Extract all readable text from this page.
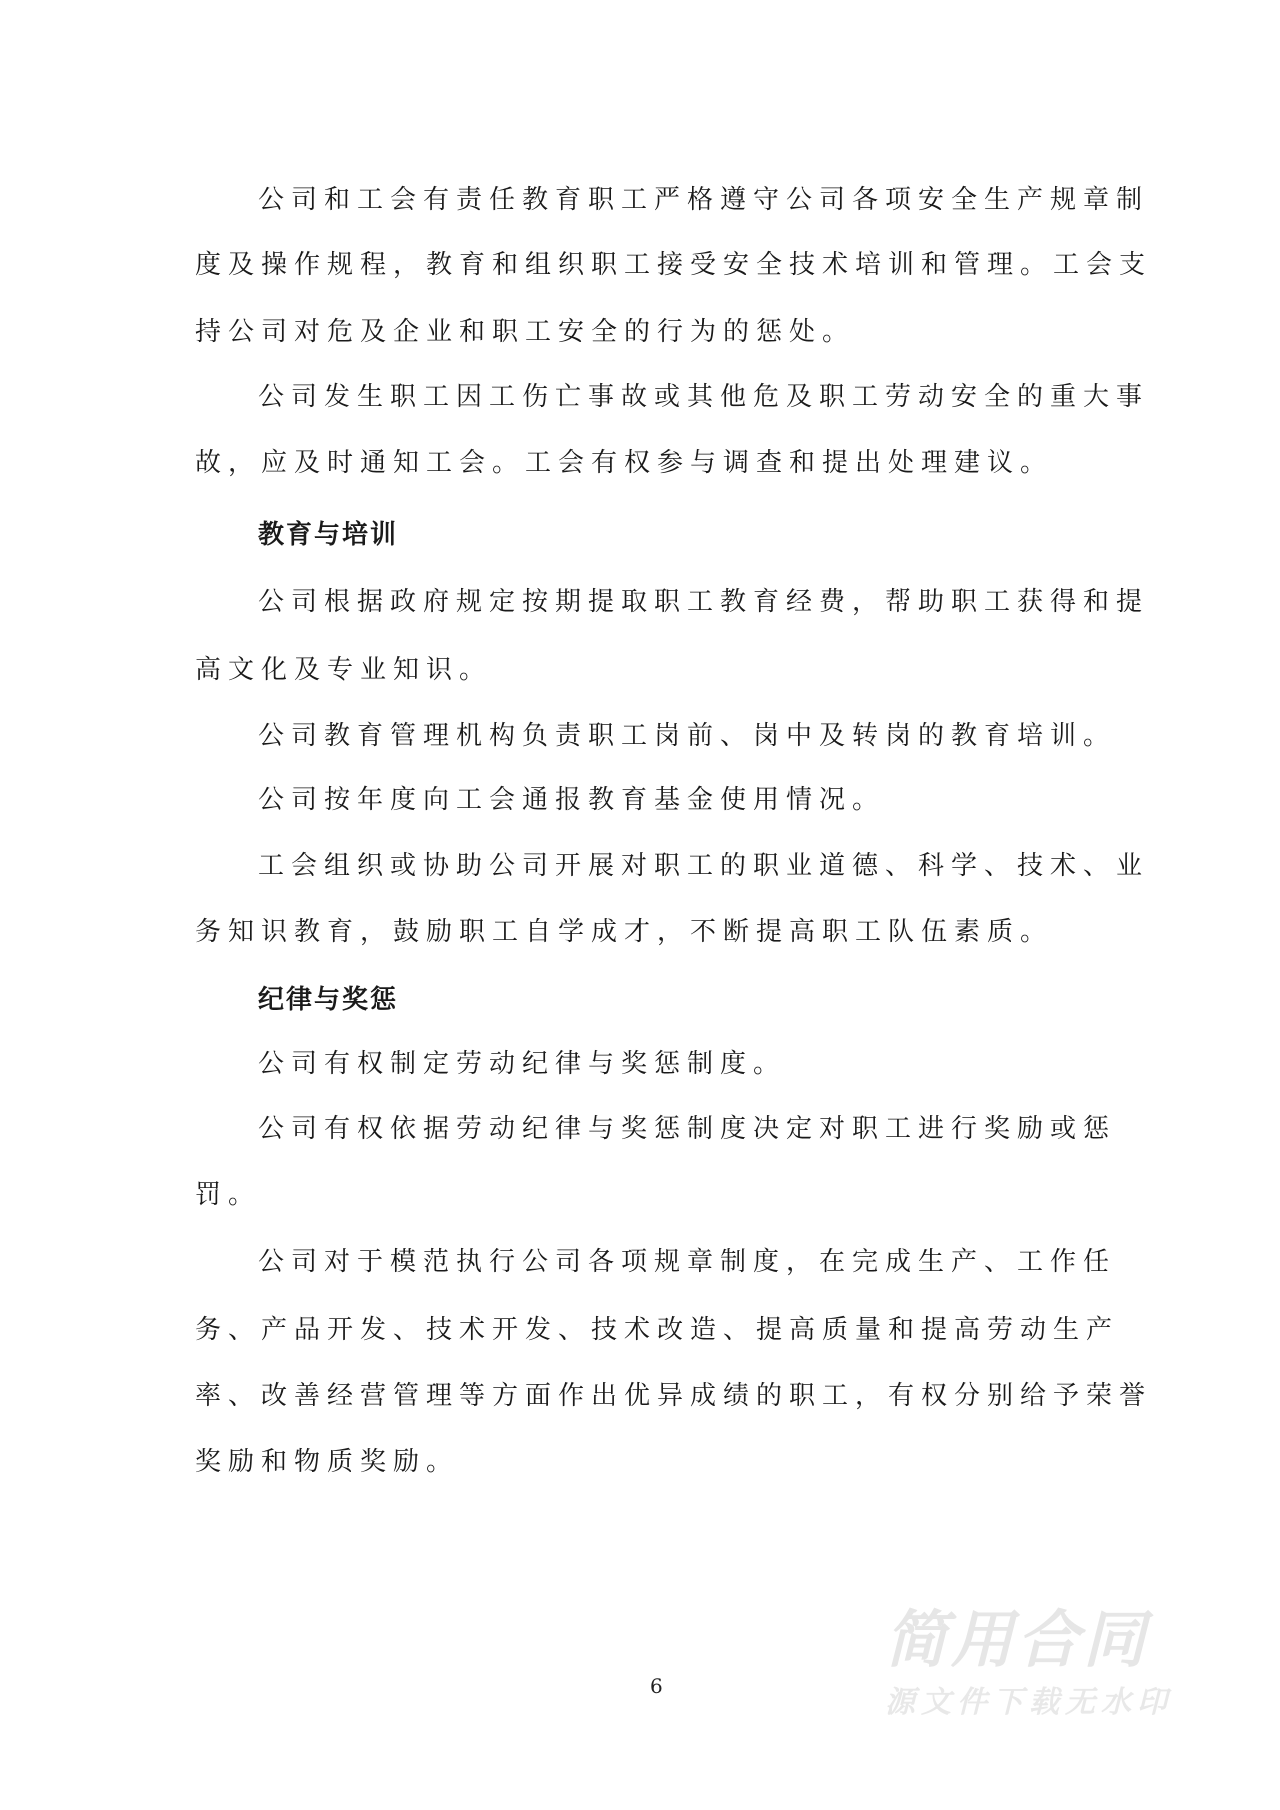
公司和工会有责任教育职工严格遵守公司各项安全生产规章制
度及操作规程，教育和组织职工接受安全技术培训和管理。工会支
持公司对危及企业和职工安全的行为的惩处。
公司发生职工因工伤亡事故或其他危及职工劳动安全的重大事
故，应及时通知工会。工会有权参与调查和提出处理建议。
教育与培训
公司根据政府规定按期提取职工教育经费，帮助职工获得和提
高文化及专业知识。
公司教育管理机构负责职工岗前、岗中及转岗的教育培训。
公司按年度向工会通报教育基金使用情况。
工会组织或协助公司开展对职工的职业道德、科学、技术、业
务知识教育，鼓励职工自学成才，不断提高职工队伍素质。
纪律与奖惩
公司有权制定劳动纪律与奖惩制度。
公司有权依据劳动纪律与奖惩制度决定对职工进行奖励或惩
罚。
公司对于模范执行公司各项规章制度，在完成生产、工作任
务、产品开发、技术开发、技术改造、提高质量和提高劳动生产
率、改善经营管理等方面作出优异成绩的职工，有权分别给予荣誉
奖励和物质奖励。
6
简用合同
源文件下载无水印
